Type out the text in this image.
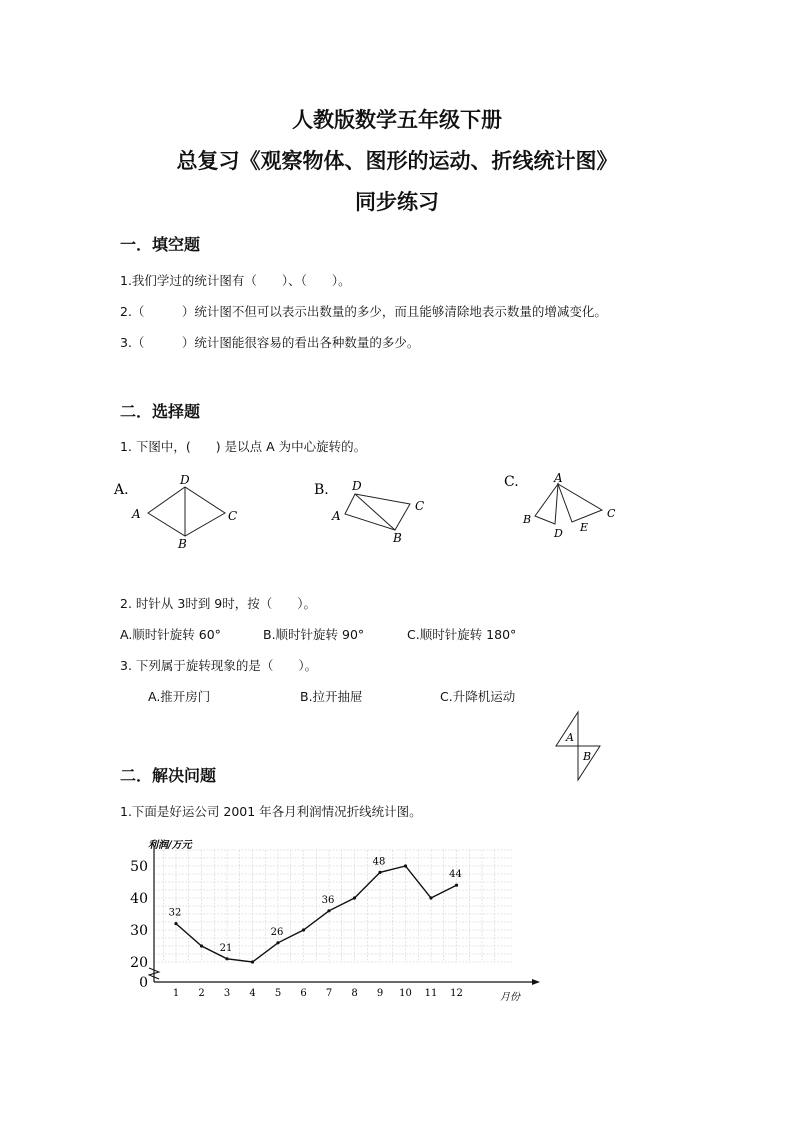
人教版数学五年级下册
总复习《观察物体、图形的运动、折线统计图》
同步练习
一．填空题
1.我们学过的统计图有（　　）、（　　）。
2.（　　　）统计图不但可以表示出数量的多少，而且能够清除地表示数量的增减变化。
3.（　　　）统计图能很容易的看出各种数量的多少。
二．选择题
1. 下图中，(　　) 是以点 A 为中心旋转的。
A.
D
A	C
B
B. D
A
C
B
C.	A
B
D E
C
2. 时针从 3时到 9时，按（　　）。
A.顺时针旋转 60°	B.顺时针旋转 90°	C.顺时针旋转 180°
3. 下列属于旋转现象的是（　　）。
A.推开房门	B.拉开抽屉	C.升降机运动
A
B
二．解决问题
1.下面是好运公司 2001 年各月利润情况折线统计图。
0
20
30
40
50
1 2 3 4 5 6 7 8 9 10 11 12
32
21
26
36
48
44
利润/万元
月份
